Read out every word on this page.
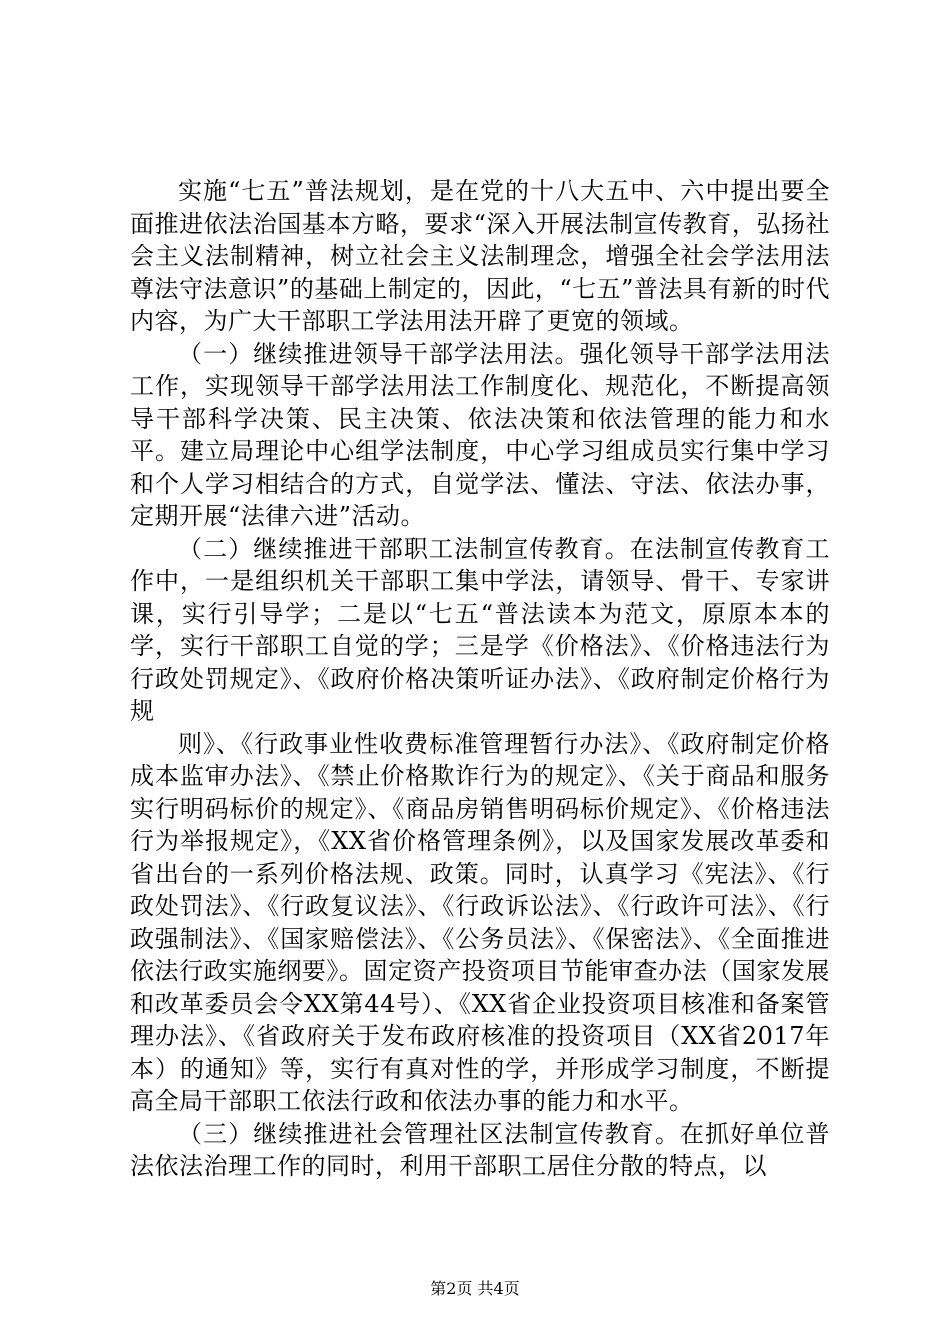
实施“七五”普法规划，是在党的十八大五中、六中提出要全面推进依法治国基本方略，要求“深入开展法制宣传教育，弘扬社会主义法制精神，树立社会主义法制理念，增强全社会学法用法尊法守法意识”的基础上制定的，因此，“七五”普法具有新的时代内容，为广大干部职工学法用法开辟了更宽的领域。

（一）继续推进领导干部学法用法。强化领导干部学法用法工作，实现领导干部学法用法工作制度化、规范化，不断提高领导干部科学决策、民主决策、依法决策和依法管理的能力和水平。建立局理论中心组学法制度，中心学习组成员实行集中学习和个人学习相结合的方式，自觉学法、懂法、守法、依法办事，定期开展“法律六进”活动。

（二）继续推进干部职工法制宣传教育。在法制宣传教育工作中，一是组织机关干部职工集中学法，请领导、骨干、专家讲课，实行引导学；二是以“七五“普法读本为范文，原原本本的学，实行干部职工自觉的学；三是学《价格法》、《价格违法行为行政处罚规定》、《政府价格决策听证办法》、《政府制定价格行为规

则》、《行政事业性收费标准管理暂行办法》、《政府制定价格成本监审办法》、《禁止价格欺诈行为的规定》、《关于商品和服务实行明码标价的规定》、《商品房销售明码标价规定》、《价格违法行为举报规定》，《XX省价格管理条例》，以及国家发展改革委和省出台的一系列价格法规、政策。同时，认真学习《宪法》、《行政处罚法》、《行政复议法》、《行政诉讼法》、《行政许可法》、《行政强制法》、《国家赔偿法》、《公务员法》、《保密法》、《全面推进依法行政实施纲要》。固定资产投资项目节能审查办法（国家发展和改革委员会令XX第44号）、《XX省企业投资项目核准和备案管理办法》、《省政府关于发布政府核准的投资项目（XX省2017年本）的通知》等，实行有真对性的学，并形成学习制度，不断提高全局干部职工依法行政和依法办事的能力和水平。

（三）继续推进社会管理社区法制宣传教育。在抓好单位普法依法治理工作的同时，利用干部职工居住分散的特点，以

第2页 共4页
